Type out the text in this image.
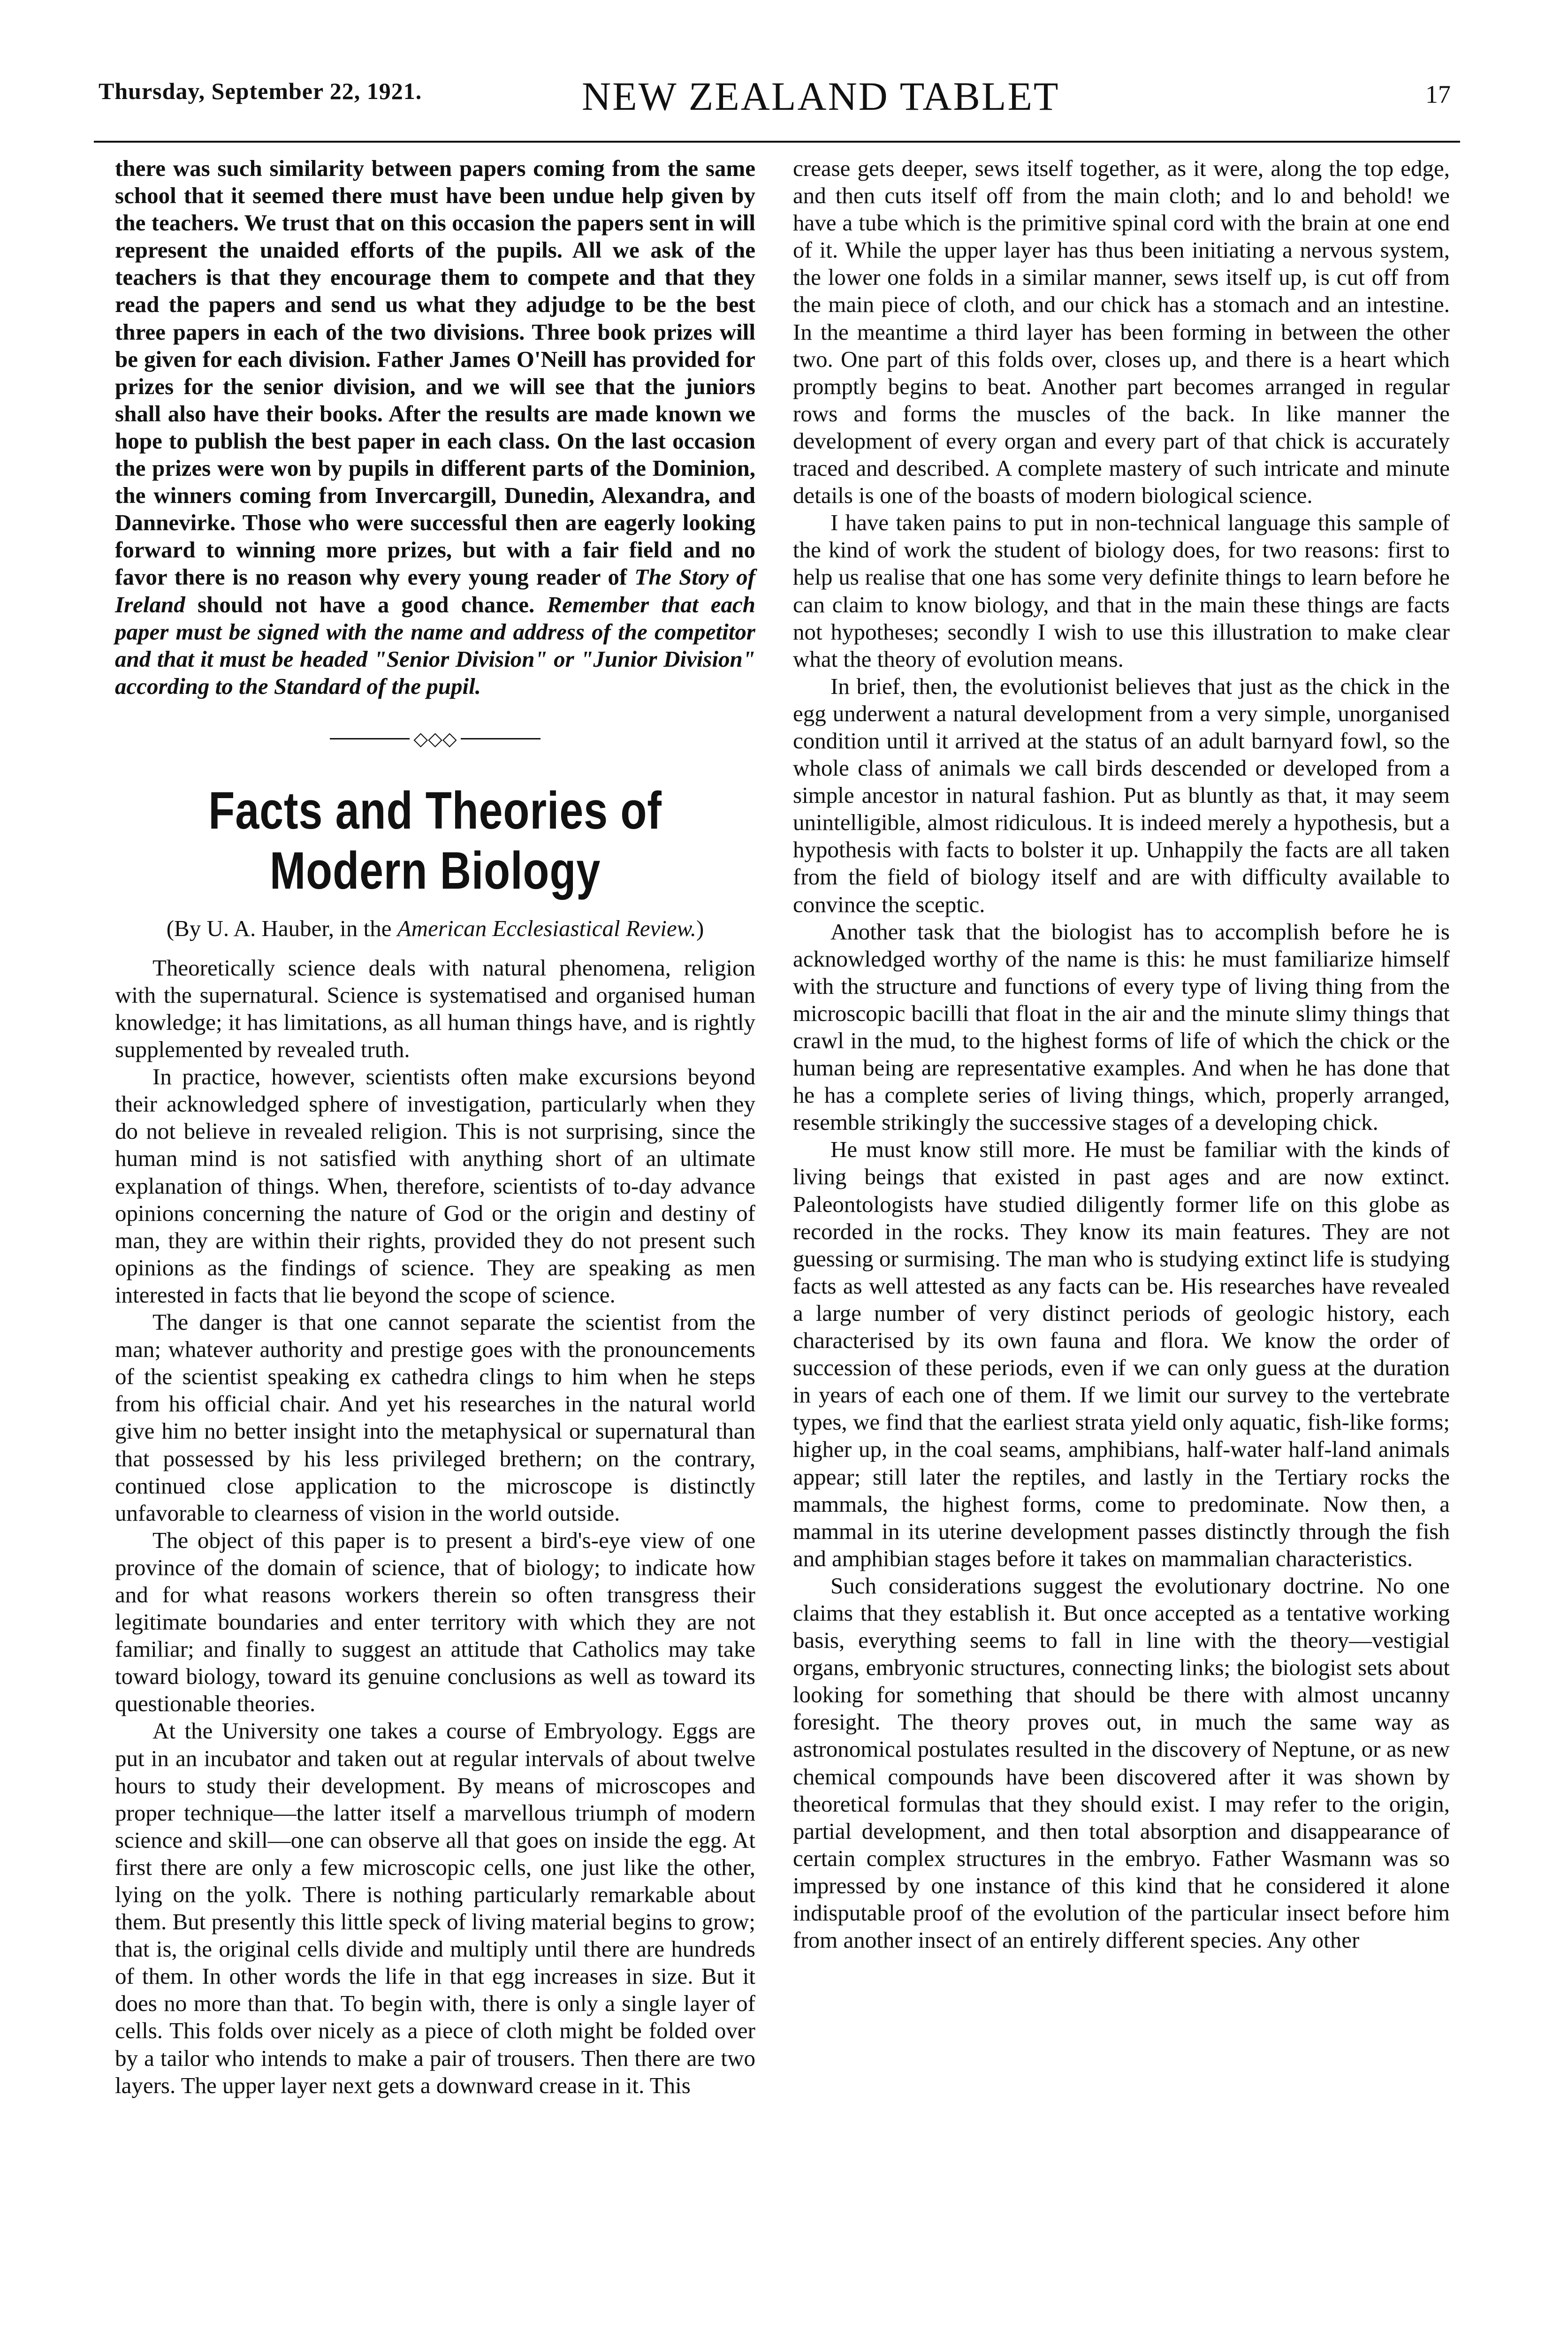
Thursday, September 22, 1921.	NEW ZEALAND TABLET	17

there was such similarity between papers coming from the same school that it seemed there must have been undue help given by the teachers. We trust that on this occasion the papers sent in will represent the unaided efforts of the pupils. All we ask of the teachers is that they encourage them to compete and that they read the papers and send us what they adjudge to be the best three papers in each of the two divisions. Three book prizes will be given for each division. Father James O'Neill has provided for prizes for the senior division, and we will see that the juniors shall also have their books. After the results are made known we hope to publish the best paper in each class. On the last occasion the prizes were won by pupils in different parts of the Dominion, the winners coming from Invercargill, Dunedin, Alexandra, and Dannevirke. Those who were successful then are eagerly looking forward to winning more prizes, but with a fair field and no favor there is no reason why every young reader of The Story of Ireland should not have a good chance. Remember that each paper must be signed with the name and address of the competitor and that it must be headed "Senior Division" or "Junior Division" according to the Standard of the pupil.

◇◇◇
Facts and Theories of Modern Biology
(By U. A. Hauber, in the American Ecclesiastical Review.)

Theoretically science deals with natural phenomena, religion with the supernatural. Science is systematised and organised human knowledge; it has limitations, as all human things have, and is rightly supplemented by revealed truth.

In practice, however, scientists often make excursions beyond their acknowledged sphere of investigation, particularly when they do not believe in revealed religion. This is not surprising, since the human mind is not satisfied with anything short of an ultimate explanation of things. When, therefore, scientists of to-day advance opinions concerning the nature of God or the origin and destiny of man, they are within their rights, provided they do not present such opinions as the findings of science. They are speaking as men interested in facts that lie beyond the scope of science.

The danger is that one cannot separate the scientist from the man; whatever authority and prestige goes with the pronouncements of the scientist speaking ex cathedra clings to him when he steps from his official chair. And yet his researches in the natural world give him no better insight into the metaphysical or supernatural than that possessed by his less privileged brethern; on the contrary, continued close application to the microscope is distinctly unfavorable to clearness of vision in the world outside.

The object of this paper is to present a bird's-eye view of one province of the domain of science, that of biology; to indicate how and for what reasons workers therein so often transgress their legitimate boundaries and enter territory with which they are not familiar; and finally to suggest an attitude that Catholics may take toward biology, toward its genuine conclusions as well as toward its questionable theories.

At the University one takes a course of Embryology. Eggs are put in an incubator and taken out at regular intervals of about twelve hours to study their development. By means of microscopes and proper technique—the latter itself a marvellous triumph of modern science and skill—one can observe all that goes on inside the egg. At first there are only a few microscopic cells, one just like the other, lying on the yolk. There is nothing particularly remarkable about them. But presently this little speck of living material begins to grow; that is, the original cells divide and multiply until there are hundreds of them. In other words the life in that egg increases in size. But it does no more than that. To begin with, there is only a single layer of cells. This folds over nicely as a piece of cloth might be folded over by a tailor who intends to make a pair of trousers. Then there are two layers. The upper layer next gets a downward crease in it. This

crease gets deeper, sews itself together, as it were, along the top edge, and then cuts itself off from the main cloth; and lo and behold! we have a tube which is the primitive spinal cord with the brain at one end of it. While the upper layer has thus been initiating a nervous system, the lower one folds in a similar manner, sews itself up, is cut off from the main piece of cloth, and our chick has a stomach and an intestine. In the meantime a third layer has been forming in between the other two. One part of this folds over, closes up, and there is a heart which promptly begins to beat. Another part becomes arranged in regular rows and forms the muscles of the back. In like manner the development of every organ and every part of that chick is accurately traced and described. A complete mastery of such intricate and minute details is one of the boasts of modern biological science.

I have taken pains to put in non-technical language this sample of the kind of work the student of biology does, for two reasons: first to help us realise that one has some very definite things to learn before he can claim to know biology, and that in the main these things are facts not hypotheses; secondly I wish to use this illustration to make clear what the theory of evolution means.

In brief, then, the evolutionist believes that just as the chick in the egg underwent a natural development from a very simple, unorganised condition until it arrived at the status of an adult barnyard fowl, so the whole class of animals we call birds descended or developed from a simple ancestor in natural fashion. Put as bluntly as that, it may seem unintelligible, almost ridiculous. It is indeed merely a hypothesis, but a hypothesis with facts to bolster it up. Unhappily the facts are all taken from the field of biology itself and are with difficulty available to convince the sceptic.

Another task that the biologist has to accomplish before he is acknowledged worthy of the name is this: he must familiarize himself with the structure and functions of every type of living thing from the microscopic bacilli that float in the air and the minute slimy things that crawl in the mud, to the highest forms of life of which the chick or the human being are representative examples. And when he has done that he has a complete series of living things, which, properly arranged, resemble strikingly the successive stages of a developing chick.

He must know still more. He must be familiar with the kinds of living beings that existed in past ages and are now extinct. Paleontologists have studied diligently former life on this globe as recorded in the rocks. They know its main features. They are not guessing or surmising. The man who is studying extinct life is studying facts as well attested as any facts can be. His researches have revealed a large number of very distinct periods of geologic history, each characterised by its own fauna and flora. We know the order of succession of these periods, even if we can only guess at the duration in years of each one of them. If we limit our survey to the vertebrate types, we find that the earliest strata yield only aquatic, fish-like forms; higher up, in the coal seams, amphibians, half-water half-land animals appear; still later the reptiles, and lastly in the Tertiary rocks the mammals, the highest forms, come to predominate. Now then, a mammal in its uterine development passes distinctly through the fish and amphibian stages before it takes on mammalian characteristics.

Such considerations suggest the evolutionary doctrine. No one claims that they establish it. But once accepted as a tentative working basis, everything seems to fall in line with the theory—vestigial organs, embryonic structures, connecting links; the biologist sets about looking for something that should be there with almost uncanny foresight. The theory proves out, in much the same way as astronomical postulates resulted in the discovery of Neptune, or as new chemical compounds have been discovered after it was shown by theoretical formulas that they should exist. I may refer to the origin, partial development, and then total absorption and disappearance of certain complex structures in the embryo. Father Wasmann was so impressed by one instance of this kind that he considered it alone indisputable proof of the evolution of the particular insect before him from another insect of an entirely different species. Any other
